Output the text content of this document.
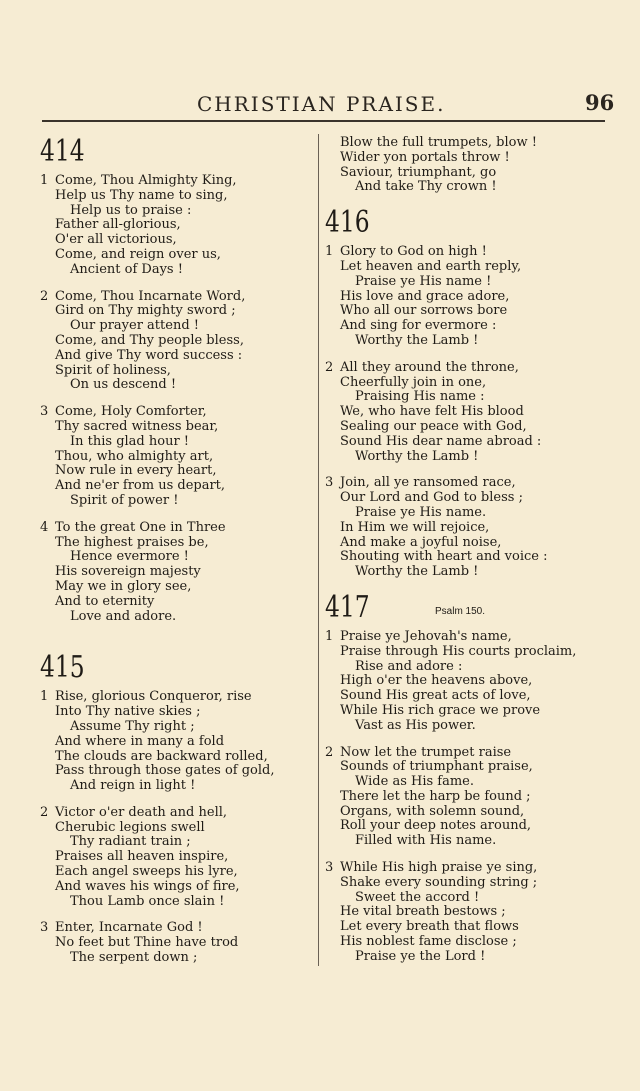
CHRISTIAN PRAISE.	96
414
1 Come, Thou Almighty King,
Help us Thy name to sing,
Help us to praise :
Father all-glorious,
O'er all victorious,
Come, and reign over us,
Ancient of Days !
2 Come, Thou Incarnate Word,
Gird on Thy mighty sword ;
Our prayer attend !
Come, and Thy people bless,
And give Thy word success :
Spirit of holiness,
On us descend !
3 Come, Holy Comforter,
Thy sacred witness bear,
In this glad hour !
Thou, who almighty art,
Now rule in every heart,
And ne'er from us depart,
Spirit of power !
4 To the great One in Three
The highest praises be,
Hence evermore !
His sovereign majesty
May we in glory see,
And to eternity
Love and adore.
415
1 Rise, glorious Conqueror, rise
Into Thy native skies ;
Assume Thy right ;
And where in many a fold
The clouds are backward rolled,
Pass through those gates of gold,
And reign in light !
2 Victor o'er death and hell,
Cherubic legions swell
Thy radiant train ;
Praises all heaven inspire,
Each angel sweeps his lyre,
And waves his wings of fire,
Thou Lamb once slain !
3 Enter, Incarnate God !
No feet but Thine have trod
The serpent down ;
Blow the full trumpets, blow !
Wider yon portals throw !
Saviour, triumphant, go
And take Thy crown !
416
1 Glory to God on high !
Let heaven and earth reply,
Praise ye His name !
His love and grace adore,
Who all our sorrows bore
And sing for evermore :
Worthy the Lamb !
2 All they around the throne,
Cheerfully join in one,
Praising His name :
We, who have felt His blood
Sealing our peace with God,
Sound His dear name abroad :
Worthy the Lamb !
3 Join, all ye ransomed race,
Our Lord and God to bless ;
Praise ye His name.
In Him we will rejoice,
And make a joyful noise,
Shouting with heart and voice :
Worthy the Lamb !
417	Psalm 150.
1 Praise ye Jehovah's name,
Praise through His courts proclaim,
Rise and adore :
High o'er the heavens above,
Sound His great acts of love,
While His rich grace we prove
Vast as His power.
2 Now let the trumpet raise
Sounds of triumphant praise,
Wide as His fame.
There let the harp be found ;
Organs, with solemn sound,
Roll your deep notes around,
Filled with His name.
3 While His high praise ye sing,
Shake every sounding string ;
Sweet the accord !
He vital breath bestows ;
Let every breath that flows
His noblest fame disclose ;
Praise ye the Lord !
